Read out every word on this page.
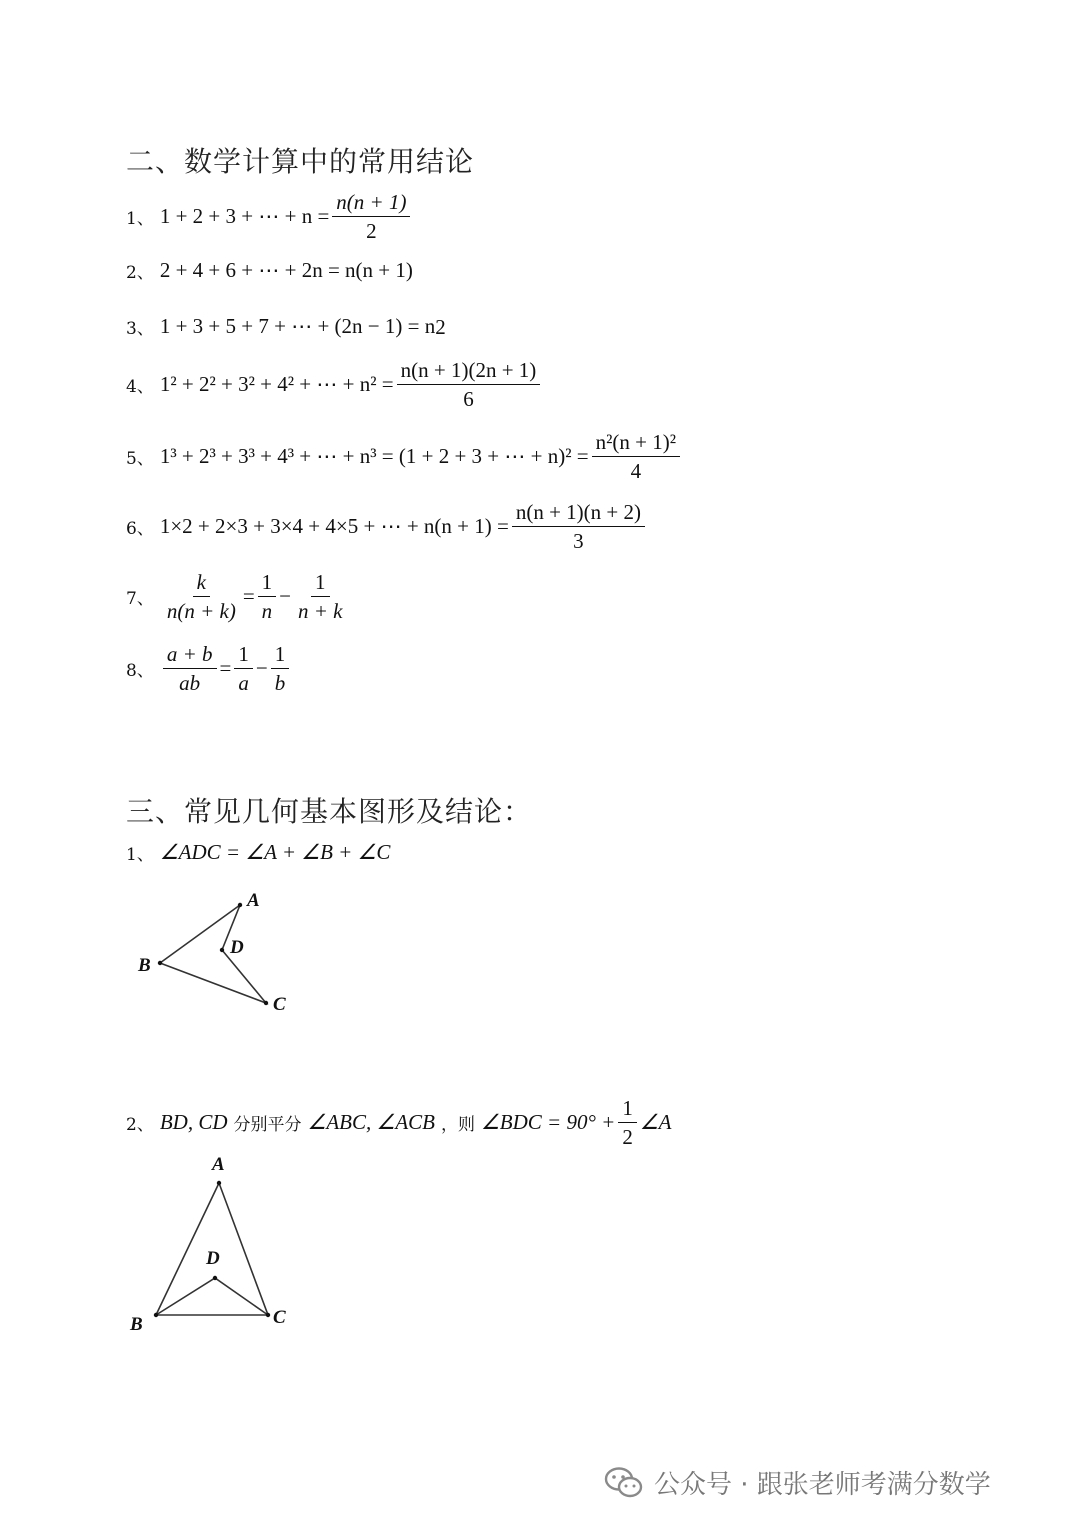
二、数学计算中的常用结论
1、 1 + 2 + 3 + ⋯ + $n = \frac{n(n + 1)}{2}$
2、 2 + 4 + 6 + ⋯ + 2n = n(n + 1)
3、 1 + 3 + 5 + 7 + ⋯ + (2n − 1) = n 2
4、 1² + 2² + 3² + 4² + ⋯ + $n^2 = \frac{n(n + 1)(2n + 1)}{6}$
5、 1³ + 2³ + 3³ + 4³ + ⋯ + n³ = (1 + 2 + 3 + ⋯ + $n)^2 = \frac{\text{n²(n + 1)²}}{4}$
6、 1×2 + 2×3 + 3×4 + 4×5 + ⋯ + $n(n + 1) = \frac{n(n + 1)(n + 2)}{3}$
7、 $\frac{k}{n(n + k)} = \frac{1}{n} - \frac{1}{n + k}$
8、 $\frac{a + b}{ab} = \frac{1}{a} - \frac{1}{b}$
三、常见几何基本图形及结论：
1、 ∠ADC = ∠A + ∠B + ∠C
A
B
C
D
2、 BD, CD 分别平分 ∠ABC, ∠ACB ，则 ∠BDC = $90^\circ + \frac{1}{2}$ ∠A
A
B	C
D
公众号 · 跟张老师考满分数学
